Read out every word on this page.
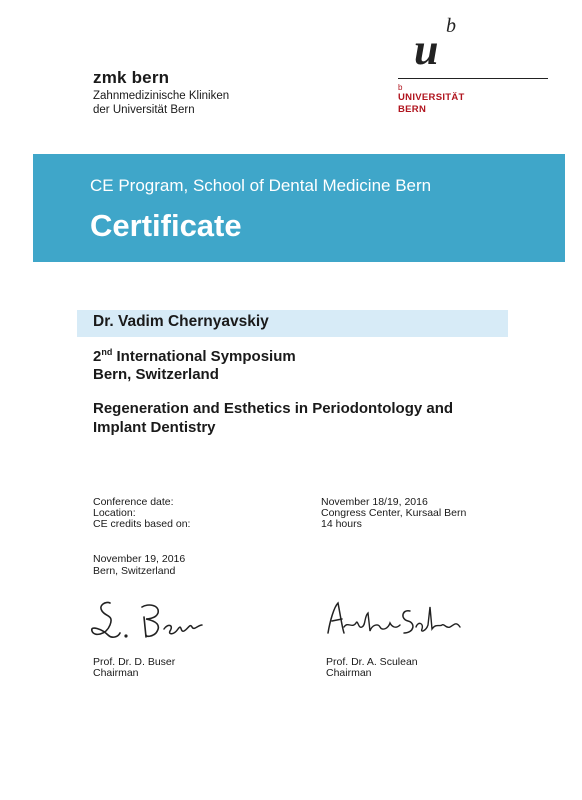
zmk bern
Zahnmedizinische Kliniken
der Universität Bern
u b
b
UNIVERSITÄT
BERN
CE Program, School of Dental Medicine Bern
Certificate
Dr. Vadim Chernyavskiy
2nd International Symposium
Bern, Switzerland
Regeneration and Esthetics in Periodontology and
Implant Dentistry
Conference date:
Location:
CE credits based on:
November 18/19, 2016
Congress Center, Kursaal Bern
14 hours
November 19, 2016
Bern, Switzerland
Prof. Dr. D. Buser
Chairman
Prof. Dr. A. Sculean
Chairman
